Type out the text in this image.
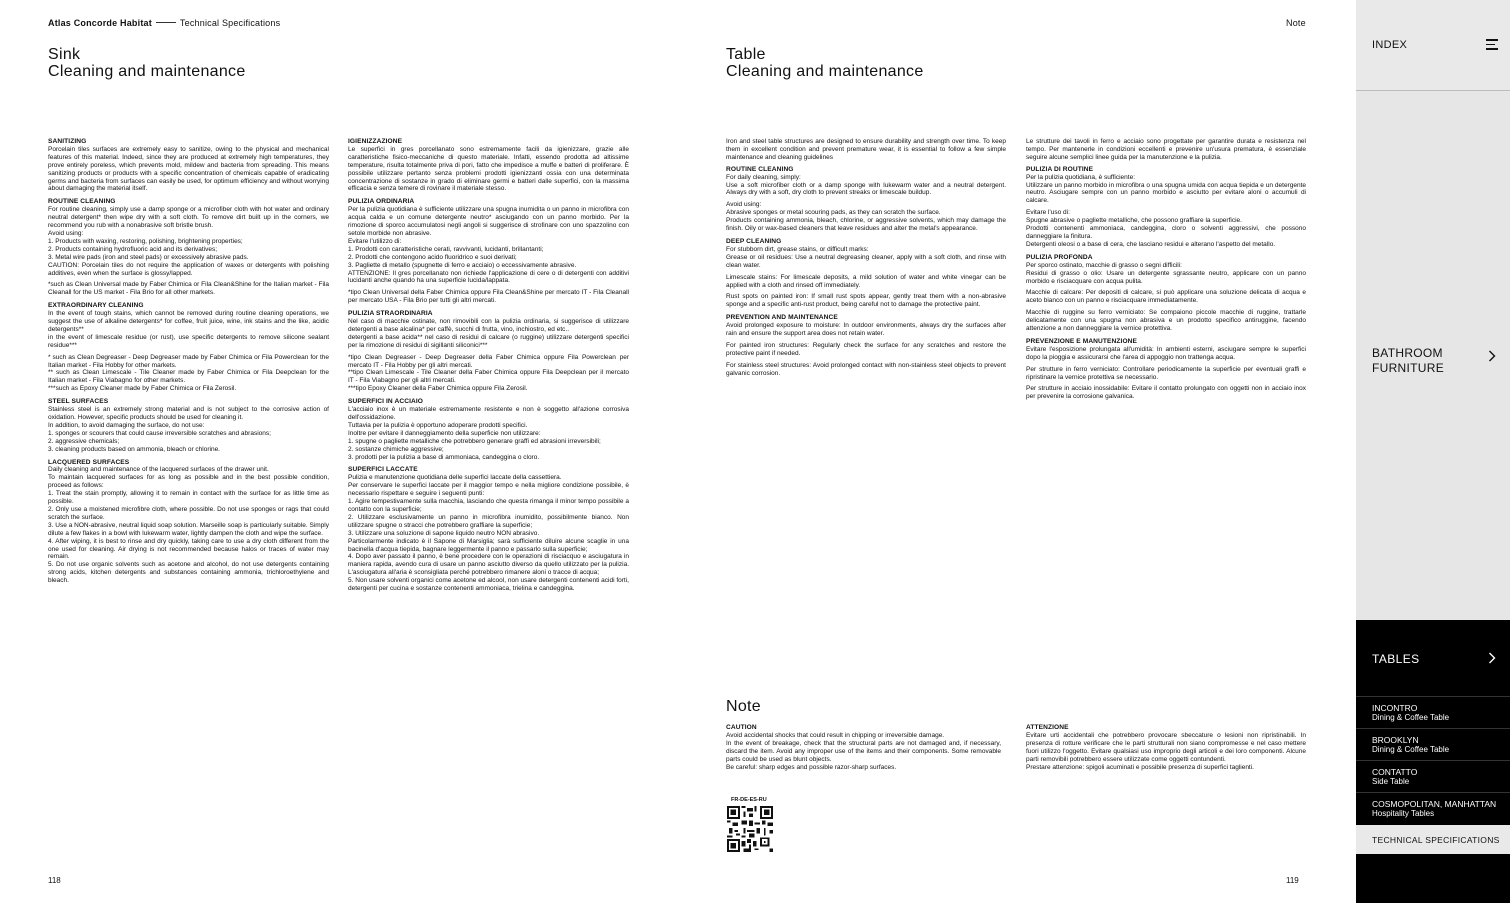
Atlas Concorde Habitat	Technical Specifications
Sink
Cleaning and maintenance
SANITIZING
Porcelain tiles surfaces are extremely easy to sanitize, owing to the physical and mechanical features of this material. Indeed, since they are produced at extremely high temperatures, they prove entirely poreless, which prevents mold, mildew and bacteria from spreading. This means sanitizing products or products with a specific concentration of chemicals capable of eradicating germs and bacteria from surfaces can easily be used, for optimum efficiency and without worrying about damaging the material itself.
ROUTINE CLEANING
For routine cleaning, simply use a damp sponge or a microfiber cloth with hot water and ordinary neutral detergent* then wipe dry with a soft cloth. To remove dirt built up in the corners, we recommend you rub with a nonabrasive soft bristle brush.
Avoid using:
1. Products with waxing, restoring, polishing, brightening properties;
2. Products containing hydrofluoric acid and its derivatives;
3. Metal wire pads (iron and steel pads) or excessively abrasive pads.
CAUTION: Porcelain tiles do not require the application of waxes or detergents with polishing additives, even when the surface is glossy/lapped.
*such as Clean Universal made by Faber Chimica or Fila Clean&Shine for the Italian market - Fila Cleanall for the US market - Fila Brio for all other markets.
EXTRAORDINARY CLEANING
In the event of tough stains, which cannot be removed during routine cleaning operations, we suggest the use of alkaline detergents* for coffee, fruit juice, wine, ink stains and the like, acidic detergents**
in the event of limescale residue (or rust), use specific detergents to remove silicone sealant residue***
* such as Clean Degreaser - Deep Degreaser made by Faber Chimica or Fila Powerclean for the Italian market - Fila Hobby for other markets.
** such as Clean Limescale - Tile Cleaner made by Faber Chimica or Fila Deepclean for the Italian market - Fila Viabagno for other markets.
***such as Epoxy Cleaner made by Faber Chimica or Fila Zerosil.
STEEL SURFACES
Stainless steel is an extremely strong material and is not subject to the corrosive action of oxidation. However, specific products should be used for cleaning it.
In addition, to avoid damaging the surface, do not use:
1. sponges or scourers that could cause irreversible scratches and abrasions;
2. aggressive chemicals;
3. cleaning products based on ammonia, bleach or chlorine.
LACQUERED SURFACES
Daily cleaning and maintenance of the lacquered surfaces of the drawer unit.
To maintain lacquered surfaces for as long as possible and in the best possible condition, proceed as follows:
1. Treat the stain promptly, allowing it to remain in contact with the surface for as little time as possible.
2. Only use a moistened microfibre cloth, where possible. Do not use sponges or rags that could scratch the surface.
3. Use a NON-abrasive, neutral liquid soap solution. Marseille soap is particularly suitable. Simply dilute a few flakes in a bowl with lukewarm water, lightly dampen the cloth and wipe the surface.
4. After wiping, it is best to rinse and dry quickly, taking care to use a dry cloth different from the one used for cleaning. Air drying is not recommended because halos or traces of water may remain.
5. Do not use organic solvents such as acetone and alcohol, do not use detergents containing strong acids, kitchen detergents and substances containing ammonia, trichloroethylene and bleach.
IGIENIZZAZIONE
Le superfici in gres porcellanato sono estremamente facili da igienizzare, grazie alle caratteristiche fisico-meccaniche di questo materiale. Infatti, essendo prodotta ad altissime temperature, risulta totalmente priva di pori, fatto che impedisce a muffe e batteri di proliferare. È possibile utilizzare pertanto senza problemi prodotti igienizzanti ossia con una determinata concentrazione di sostanze in grado di eliminare germi e batteri dalle superfici, con la massima efficacia e senza temere di rovinare il materiale stesso.
PULIZIA ORDINARIA
Per la pulizia quotidiana è sufficiente utilizzare una spugna inumidita o un panno in microfibra con acqua calda e un comune detergente neutro* asciugando con un panno morbido. Per la rimozione di sporco accumulatosi negli angoli si suggerisce di strofinare con uno spazzolino con setole morbide non abrasive.
Evitare l'utilizzo di:
1. Prodotti con caratteristiche cerati, ravvivanti, lucidanti, brillantanti;
2. Prodotti che contengono acido fluoridrico e suoi derivati;
3. Pagliette di metallo (spugnette di ferro e acciaio) o eccessivamente abrasive.
ATTENZIONE: Il gres porcellanato non richiede l'applicazione di cere o di detergenti con additivi lucidanti anche quando ha una superficie lucida/lappata.
*tipo Clean Universal della Faber Chimica oppure Fila Clean&Shine per mercato IT - Fila Cleanall per mercato USA - Fila Brio per tutti gli altri mercati.
PULIZIA STRAORDINARIA
Nel caso di macchie ostinate, non rimovibili con la pulizia ordinaria, si suggerisce di utilizzare detergenti a base alcalina* per caffè, succhi di frutta, vino, inchiostro, ed etc..
detergenti a base acida** nel caso di residui di calcare (o ruggine) utilizzare detergenti specifici per la rimozione di residui di sigillanti siliconici***
*tipo Clean Degreaser - Deep Degreaser della Faber Chimica oppure Fila Powerclean per mercato IT - Fila Hobby per gli altri mercati.
**tipo Clean Limescale - Tile Cleaner della Faber Chimica oppure Fila Deepclean per il mercato IT - Fila Viabagno per gli altri mercati.
***tipo Epoxy Cleaner della Faber Chimica oppure Fila Zerosil.
SUPERFICI IN ACCIAIO
L'acciaio inox è un materiale estremamente resistente e non è soggetto all'azione corrosiva dell'ossidazione.
Tuttavia per la pulizia è opportuno adoperare prodotti specifici.
Inoltre per evitare il danneggiamento della superficie non utilizzare:
1. spugne o pagliette metalliche che potrebbero generare graffi ed abrasioni irreversibili;
2. sostanze chimiche aggressive;
3. prodotti per la pulizia a base di ammoniaca, candeggina o cloro.
SUPERFICI LACCATE
Pulizia e manutenzione quotidiana delle superfici laccate della cassettiera.
Per conservare le superfici laccate per il maggior tempo e nella migliore condizione possibile, è necessario rispettare e seguire i seguenti punti:
1. Agire tempestivamente sulla macchia, lasciando che questa rimanga il minor tempo possibile a contatto con la superficie;
2. Utilizzare esclusivamente un panno in microfibra inumidito, possibilmente bianco. Non utilizzare spugne o stracci che potrebbero graffiare la superficie;
3. Utilizzare una soluzione di sapone liquido neutro NON abrasivo.
Particolarmente indicato è il Sapone di Marsiglia; sarà sufficiente diluire alcune scaglie in una bacinella d'acqua tiepida, bagnare leggermente il panno e passarlo sulla superficie;
4. Dopo aver passato il panno, è bene procedere con le operazioni di risciacquo e asciugatura in maniera rapida, avendo cura di usare un panno asciutto diverso da quello utilizzato per la pulizia. L'asciugatura all'aria è sconsigliata perché potrebbero rimanere aloni o tracce di acqua;
5. Non usare solventi organici come acetone ed alcool, non usare detergenti contenenti acidi forti, detergenti per cucina e sostanze contenenti ammoniaca, trielina e candeggina.
118
Note
Table
Cleaning and maintenance
Iron and steel table structures are designed to ensure durability and strength over time. To keep them in excellent condition and prevent premature wear, it is essential to follow a few simple maintenance and cleaning guidelines
ROUTINE CLEANING
For daily cleaning, simply:
Use a soft microfiber cloth or a damp sponge with lukewarm water and a neutral detergent. Always dry with a soft, dry cloth to prevent streaks or limescale buildup.
Avoid using:
Abrasive sponges or metal scouring pads, as they can scratch the surface.
Products containing ammonia, bleach, chlorine, or aggressive solvents, which may damage the finish. Oily or wax-based cleaners that leave residues and alter the metal's appearance.
DEEP CLEANING
For stubborn dirt, grease stains, or difficult marks:
Grease or oil residues: Use a neutral degreasing cleaner, apply with a soft cloth, and rinse with clean water.
Limescale stains: For limescale deposits, a mild solution of water and white vinegar can be applied with a cloth and rinsed off immediately.
Rust spots on painted iron: If small rust spots appear, gently treat them with a non-abrasive sponge and a specific anti-rust product, being careful not to damage the protective paint.
PREVENTION AND MAINTENANCE
Avoid prolonged exposure to moisture: In outdoor environments, always dry the surfaces after rain and ensure the support area does not retain water.
For painted iron structures: Regularly check the surface for any scratches and restore the protective paint if needed.
For stainless steel structures: Avoid prolonged contact with non-stainless steel objects to prevent galvanic corrosion.
Le strutture dei tavoli in ferro e acciaio sono progettate per garantire durata e resistenza nel tempo. Per mantenerle in condizioni eccellenti e prevenire un'usura prematura, è essenziale seguire alcune semplici linee guida per la manutenzione e la pulizia.
PULIZIA DI ROUTINE
Per la pulizia quotidiana, è sufficiente:
Utilizzare un panno morbido in microfibra o una spugna umida con acqua tiepida e un detergente neutro. Asciugare sempre con un panno morbido e asciutto per evitare aloni o accumuli di calcare.
Evitare l'uso di:
Spugne abrasive o pagliette metalliche, che possono graffiare la superficie.
Prodotti contenenti ammoniaca, candeggina, cloro o solventi aggressivi, che possono danneggiare la finitura.
Detergenti oleosi o a base di cera, che lasciano residui e alterano l'aspetto del metallo.
PULIZIA PROFONDA
Per sporco ostinato, macchie di grasso o segni difficili:
Residui di grasso o olio: Usare un detergente sgrassante neutro, applicare con un panno morbido e risciacquare con acqua pulita.
Macchie di calcare: Per depositi di calcare, si può applicare una soluzione delicata di acqua e aceto bianco con un panno e risciacquare immediatamente.
Macchie di ruggine su ferro verniciato: Se compaiono piccole macchie di ruggine, trattarle delicatamente con una spugna non abrasiva e un prodotto specifico antiruggine, facendo attenzione a non danneggiare la vernice protettiva.
PREVENZIONE E MANUTENZIONE
Evitare l'esposizione prolungata all'umidità: In ambienti esterni, asciugare sempre le superfici dopo la pioggia e assicurarsi che l'area di appoggio non trattenga acqua.
Per strutture in ferro verniciato: Controllare periodicamente la superficie per eventuali graffi e ripristinare la vernice protettiva se necessario.
Per strutture in acciaio inossidabile: Evitare il contatto prolungato con oggetti non in acciaio inox per prevenire la corrosione galvanica.
Note
CAUTION
Avoid accidental shocks that could result in chipping or irreversible damage.
In the event of breakage, check that the structural parts are not damaged and, if necessary, discard the item. Avoid any improper use of the items and their components. Some removable parts could be used as blunt objects.
Be careful: sharp edges and possible razor-sharp surfaces.
ATTENZIONE
Evitare urti accidentali che potrebbero provocare sbeccature o lesioni non ripristinabili. In presenza di rotture verificare che le parti strutturali non siano compromesse e nel caso mettere fuori utilizzo l'oggetto. Evitare qualsiasi uso improprio degli articoli e dei loro componenti. Alcune parti removibili potrebbero essere utilizzate come oggetti contundenti.
Prestare attenzione: spigoli acuminati e possibile presenza di superfici taglienti.
FR-DE-ES-RU
119
INDEX
BATHROOM
FURNITURE
TABLES
INCONTRO
Dining & Coffee Table
BROOKLYN
Dining & Coffee Table
CONTATTO
Side Table
COSMOPOLITAN, MANHATTAN
Hospitality Tables
TECHNICAL SPECIFICATIONS
